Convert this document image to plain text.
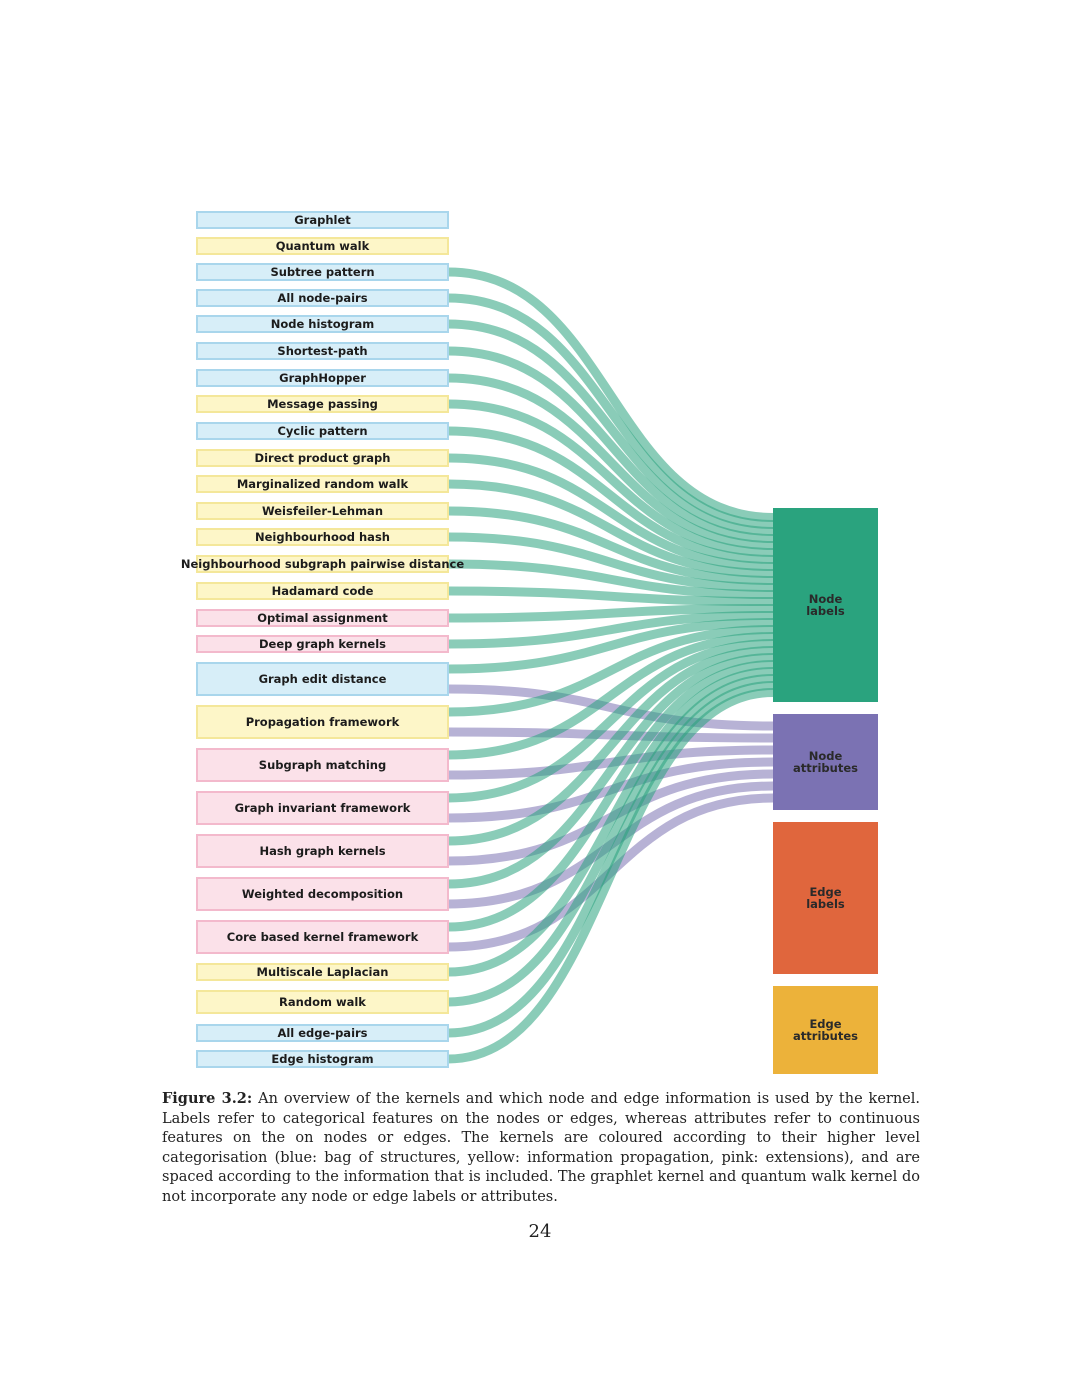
Graphlet
Quantum walk
Subtree pattern
All node-pairs
Node histogram
Shortest-path
GraphHopper
Message passing
Cyclic pattern
Direct product graph
Marginalized random walk
Weisfeiler-Lehman
Neighbourhood hash
Neighbourhood subgraph pairwise distance
Hadamard code
Optimal assignment
Deep graph kernels
Graph edit distance
Propagation framework
Subgraph matching
Graph invariant framework
Hash graph kernels
Weighted decomposition
Core based kernel framework
Multiscale Laplacian
Random walk
All edge-pairs
Edge histogram
Node
labels
Node
attributes
Edge
labels
Edge
attributes

Figure 3.2: An overview of the kernels and which node and edge information is used by the kernel. Labels refer to categorical features on the nodes or edges, whereas attributes refer to continuous features on the on nodes or edges. The kernels are coloured according to their higher level categorisation (blue: bag of structures, yellow: information propagation, pink: extensions), and are spaced according to the information that is included. The graphlet kernel and quantum walk kernel do not incorporate any node or edge labels or attributes.

24
